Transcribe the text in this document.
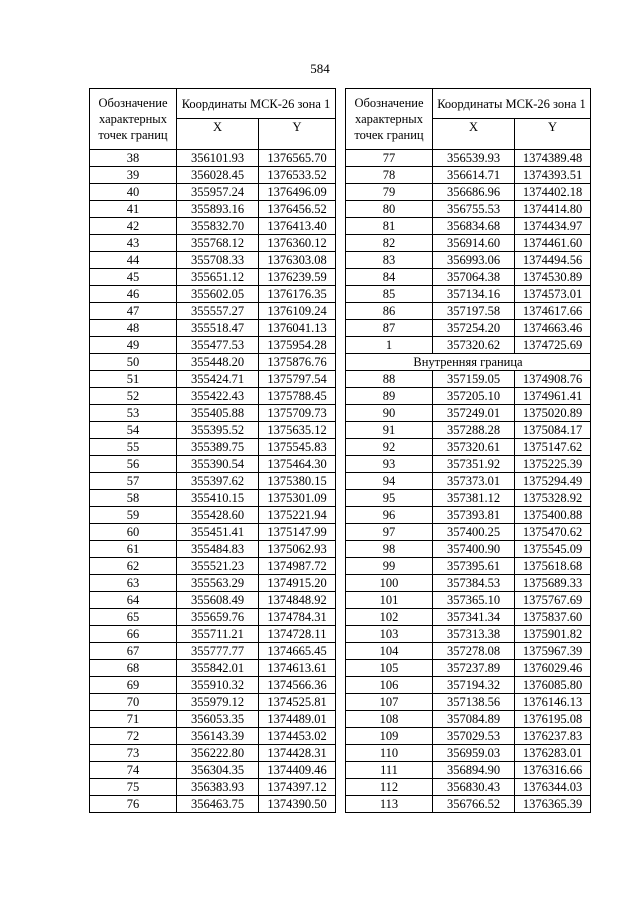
584
Обозначение характерных точек границ	Координаты МСК-26 зона 1	
	X	Y
38	356101.93	1376565.70
39	356028.45	1376533.52
40	355957.24	1376496.09
41	355893.16	1376456.52
42	355832.70	1376413.40
43	355768.12	1376360.12
44	355708.33	1376303.08
45	355651.12	1376239.59
46	355602.05	1376176.35
47	355557.27	1376109.24
48	355518.47	1376041.13
49	355477.53	1375954.28
50	355448.20	1375876.76
51	355424.71	1375797.54
52	355422.43	1375788.45
53	355405.88	1375709.73
54	355395.52	1375635.12
55	355389.75	1375545.83
56	355390.54	1375464.30
57	355397.62	1375380.15
58	355410.15	1375301.09
59	355428.60	1375221.94
60	355451.41	1375147.99
61	355484.83	1375062.93
62	355521.23	1374987.72
63	355563.29	1374915.20
64	355608.49	1374848.92
65	355659.76	1374784.31
66	355711.21	1374728.11
67	355777.77	1374665.45
68	355842.01	1374613.61
69	355910.32	1374566.36
70	355979.12	1374525.81
71	356053.35	1374489.01
72	356143.39	1374453.02
73	356222.80	1374428.31
74	356304.35	1374409.46
75	356383.93	1374397.12
76	356463.75	1374390.50
Обозначение характерных точек границ	Координаты МСК-26 зона 1	
	X	Y
77	356539.93	1374389.48
78	356614.71	1374393.51
79	356686.96	1374402.18
80	356755.53	1374414.80
81	356834.68	1374434.97
82	356914.60	1374461.60
83	356993.06	1374494.56
84	357064.38	1374530.89
85	357134.16	1374573.01
86	357197.58	1374617.66
87	357254.20	1374663.46
1	357320.62	1374725.69
Внутренняя граница		
88	357159.05	1374908.76
89	357205.10	1374961.41
90	357249.01	1375020.89
91	357288.28	1375084.17
92	357320.61	1375147.62
93	357351.92	1375225.39
94	357373.01	1375294.49
95	357381.12	1375328.92
96	357393.81	1375400.88
97	357400.25	1375470.62
98	357400.90	1375545.09
99	357395.61	1375618.68
100	357384.53	1375689.33
101	357365.10	1375767.69
102	357341.34	1375837.60
103	357313.38	1375901.82
104	357278.08	1375967.39
105	357237.89	1376029.46
106	357194.32	1376085.80
107	357138.56	1376146.13
108	357084.89	1376195.08
109	357029.53	1376237.83
110	356959.03	1376283.01
111	356894.90	1376316.66
112	356830.43	1376344.03
113	356766.52	1376365.39
